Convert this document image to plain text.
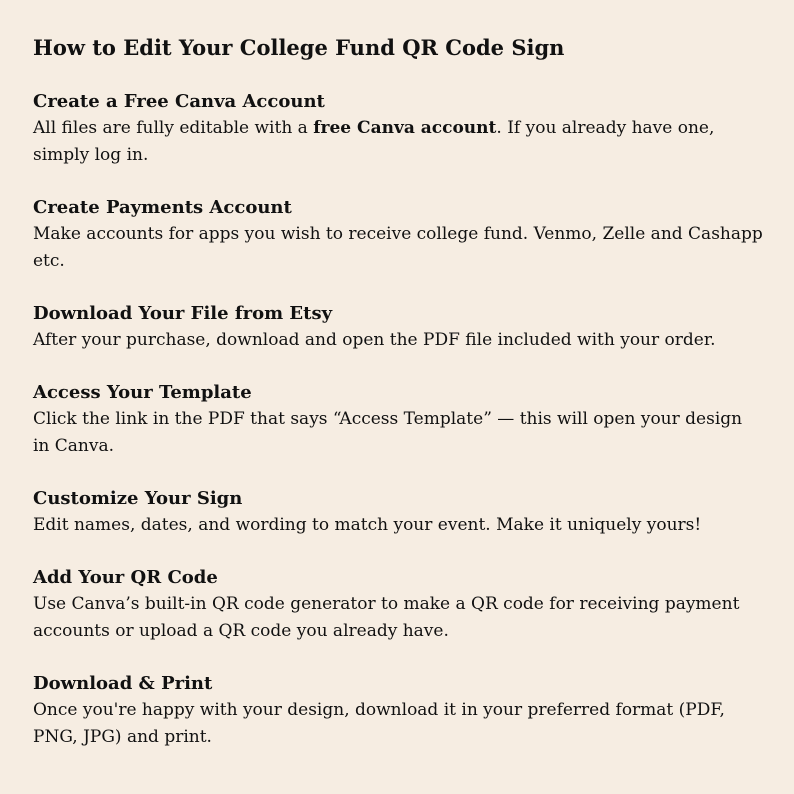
How to Edit Your College Fund QR Code Sign

Create a Free Canva Account

All files are fully editable with a free Canva account. If you already have one, simply log in.

Create Payments Account

Make accounts for apps you wish to receive college fund. Venmo, Zelle and Cashapp etc.

Download Your File from Etsy

After your purchase, download and open the PDF file included with your order.

Access Your Template

Click the link in the PDF that says “Access Template” — this will open your design in Canva.

Customize Your Sign

Edit names, dates, and wording to match your event. Make it uniquely yours!

Add Your QR Code

Use Canva’s built-in QR code generator to make a QR code for receiving payment accounts or upload a QR code you already have.

Download & Print

Once you're happy with your design, download it in your preferred format (PDF, PNG, JPG) and print.
